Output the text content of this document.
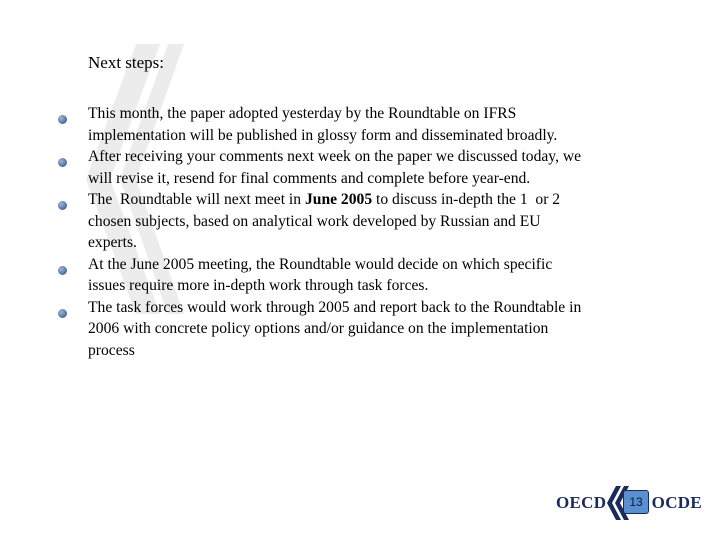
Next steps:
This month, the paper adopted yesterday by the Roundtable on IFRS
implementation will be published in glossy form and disseminated broadly.
After receiving your comments next week on the paper we discussed today, we
will revise it, resend for final comments and complete before year-end.
The  Roundtable will next meet in June 2005 to discuss in-depth the 1  or 2
chosen subjects, based on analytical work developed by Russian and EU
experts.
At the June 2005 meeting, the Roundtable would decide on which specific
issues require more in-depth work through task forces.
The task forces would work through 2005 and report back to the Roundtable in
2006 with concrete policy options and/or guidance on the implementation
process
OECD	13 OCDE
